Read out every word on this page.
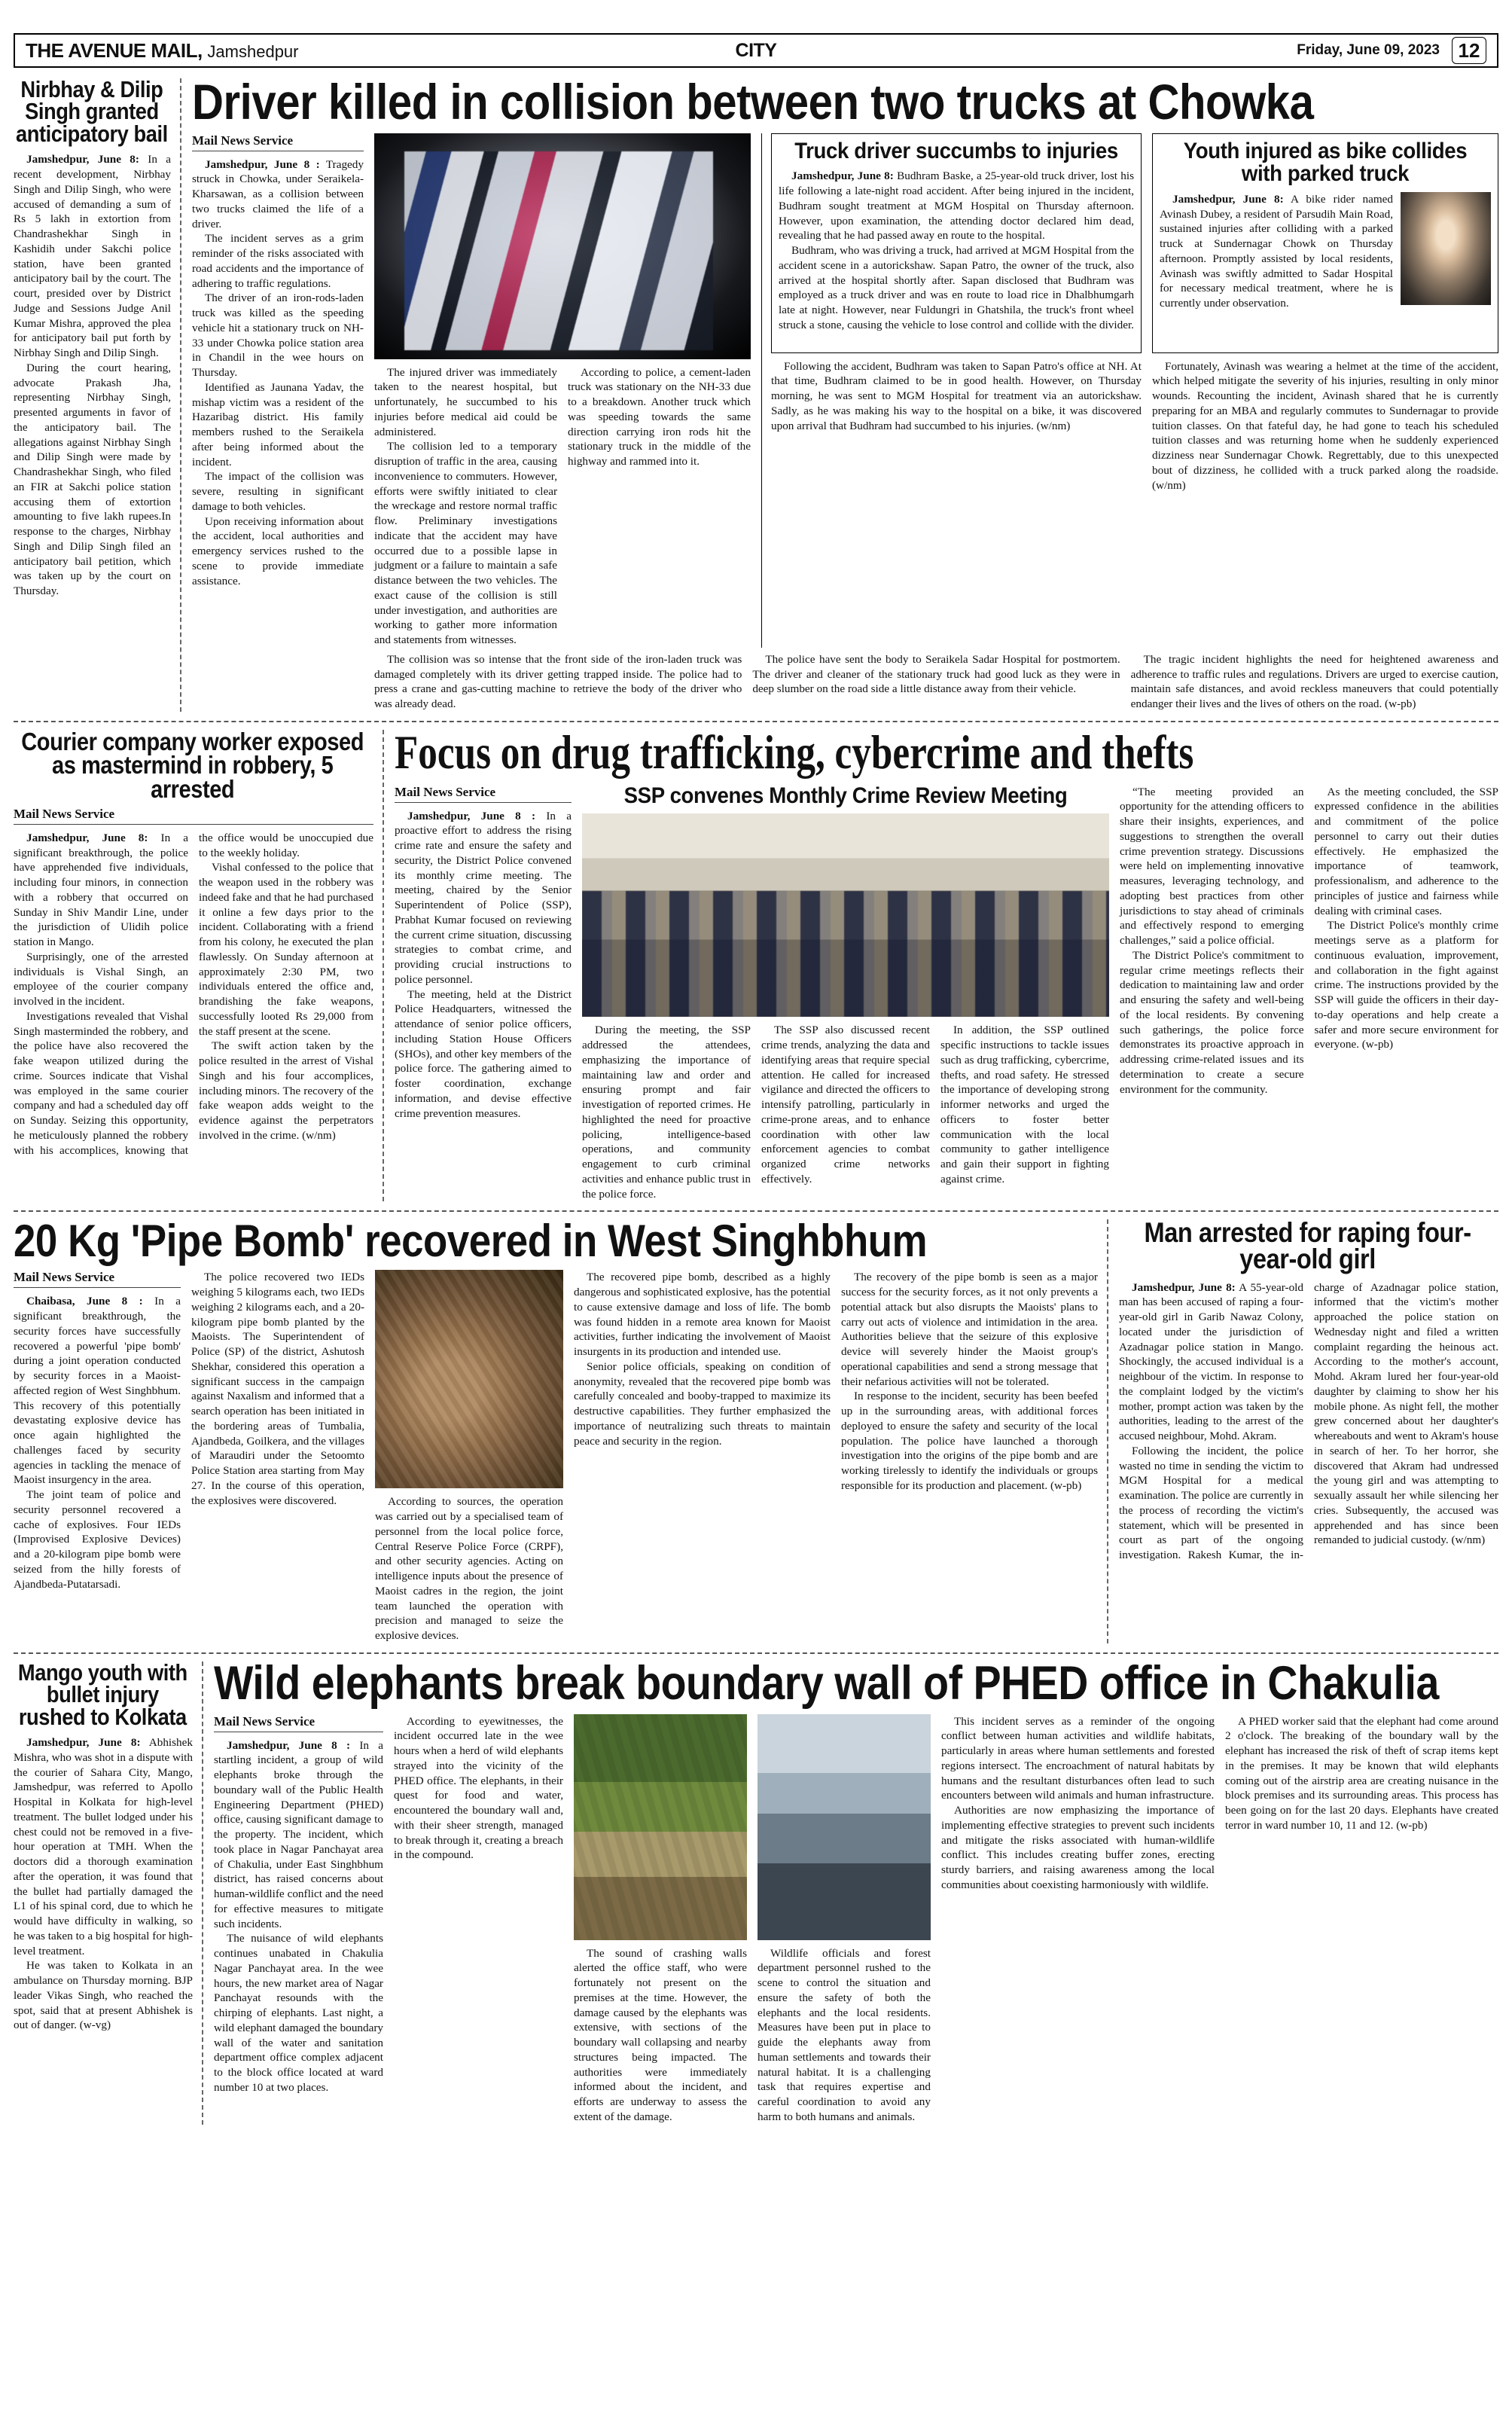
THE AVENUE MAIL, Jamshedpur	CITY	Friday, June 09, 2023 12
Nirbhay & Dilip Singh granted anticipatory bail

Jamshedpur, June 8: In a recent development, Nirbhay Singh and Dilip Singh, who were accused of demanding a sum of Rs 5 lakh in extortion from Chandrashekhar Singh in Kashidih under Sakchi police station, have been granted anticipatory bail by the court. The court, presided over by District Judge and Sessions Judge Anil Kumar Mishra, approved the plea for anticipatory bail put forth by Nirbhay Singh and Dilip Singh.

During the court hearing, advocate Prakash Jha, representing Nirbhay Singh, presented arguments in favor of the anticipatory bail. The allegations against Nirbhay Singh and Dilip Singh were made by Chandrashekhar Singh, who filed an FIR at Sakchi police station accusing them of extortion amounting to five lakh rupees.In response to the charges, Nirbhay Singh and Dilip Singh filed an anticipatory bail petition, which was taken up by the court on Thursday.

Driver killed in collision between two trucks at Chowka
Mail News Service

Jamshedpur, June 8 : Tragedy struck in Chowka, under Seraikela-Kharsawan, as a collision between two trucks claimed the life of a driver.

The incident serves as a grim reminder of the risks associated with road accidents and the importance of adhering to traffic regulations.

The driver of an iron-rods-laden truck was killed as the speeding vehicle hit a stationary truck on NH-33 under Chowka police station area in Chandil in the wee hours on Thursday.

Identified as Jaunana Yadav, the mishap victim was a resident of the Hazaribag district. His family members rushed to the Seraikela after being informed about the incident.

The impact of the collision was severe, resulting in significant damage to both vehicles.

Upon receiving information about the accident, local authorities and emergency services rushed to the scene to provide immediate assistance.

The injured driver was immediately taken to the nearest hospital, but unfortunately, he succumbed to his injuries before medical aid could be administered.

The collision led to a temporary disruption of traffic in the area, causing inconvenience to commuters. However, efforts were swiftly initiated to clear the wreckage and restore normal traffic flow. Preliminary investigations indicate that the accident may have occurred due to a possible lapse in judgment or a failure to maintain a safe distance between the two vehicles. The exact cause of the collision is still under investigation, and authorities are working to gather more information and statements from witnesses.

According to police, a cement-laden truck was stationary on the NH-33 due to a breakdown. Another truck which was speeding towards the same direction carrying iron rods hit the stationary truck in the middle of the highway and rammed into it.

Truck driver succumbs to injuries

Jamshedpur, June 8: Budhram Baske, a 25-year-old truck driver, lost his life following a late-night road accident. After being injured in the incident, Budhram sought treatment at MGM Hospital on Thursday afternoon. However, upon examination, the attending doctor declared him dead, revealing that he had passed away en route to the hospital.

Budhram, who was driving a truck, had arrived at MGM Hospital from the accident scene in a autorickshaw. Sapan Patro, the owner of the truck, also arrived at the hospital shortly after. Sapan disclosed that Budhram was employed as a truck driver and was en route to load rice in Dhalbhumgarh late at night. However, near Fuldungri in Ghatshila, the truck's front wheel struck a stone, causing the vehicle to lose control and collide with the divider.

Following the accident, Budhram was taken to Sapan Patro's office at NH. At that time, Budhram claimed to be in good health. However, on Thursday morning, he was sent to MGM Hospital for treatment via an autorickshaw. Sadly, as he was making his way to the hospital on a bike, it was discovered upon arrival that Budhram had succumbed to his injuries. (w/nm)

Youth injured as bike collides with parked truck

Jamshedpur, June 8: A bike rider named Avinash Dubey, a resident of Parsudih Main Road, sustained injuries after colliding with a parked truck at Sundernagar Chowk on Thursday afternoon. Promptly assisted by local residents, Avinash was swiftly admitted to Sadar Hospital for necessary medical treatment, where he is currently under observation.

Fortunately, Avinash was wearing a helmet at the time of the accident, which helped mitigate the severity of his injuries, resulting in only minor wounds. Recounting the incident, Avinash shared that he is currently preparing for an MBA and regularly commutes to Sundernagar to provide tuition classes. On that fateful day, he had gone to teach his scheduled tuition classes and was returning home when he suddenly experienced dizziness near Sundernagar Chowk. Regrettably, due to this unexpected bout of dizziness, he collided with a truck parked along the roadside. (w/nm)

The collision was so intense that the front side of the iron-laden truck was damaged completely with its driver getting trapped inside. The police had to press a crane and gas-cutting machine to retrieve the body of the driver who was already dead.

The police have sent the body to Seraikela Sadar Hospital for postmortem. The driver and cleaner of the stationary truck had good luck as they were in deep slumber on the road side a little distance away from their vehicle.

The tragic incident highlights the need for heightened awareness and adherence to traffic rules and regulations. Drivers are urged to exercise caution, maintain safe distances, and avoid reckless maneuvers that could potentially endanger their lives and the lives of others on the road. (w-pb)

Courier company worker exposed as mastermind in robbery, 5 arrested
Mail News Service

Jamshedpur, June 8: In a significant breakthrough, the police have apprehended five individuals, including four minors, in connection with a robbery that occurred on Sunday in Shiv Mandir Line, under the jurisdiction of Ulidih police station in Mango.

Surprisingly, one of the arrested individuals is Vishal Singh, an employee of the courier company involved in the incident.

Investigations revealed that Vishal Singh masterminded the robbery, and the police have also recovered the fake weapon utilized during the crime. Sources indicate that Vishal was employed in the same courier company and had a scheduled day off on Sunday. Seizing this opportunity, he meticulously planned the robbery with his accomplices, knowing that the office would be unoccupied due to the weekly holiday.

Vishal confessed to the police that the weapon used in the robbery was indeed fake and that he had purchased it online a few days prior to the incident. Collaborating with a friend from his colony, he executed the plan flawlessly. On Sunday afternoon at approximately 2:30 PM, two individuals entered the office and, brandishing the fake weapons, successfully looted Rs 29,000 from the staff present at the scene.

The swift action taken by the police resulted in the arrest of Vishal Singh and his four accomplices, including minors. The recovery of the fake weapon adds weight to the evidence against the perpetrators involved in the crime. (w/nm)

Focus on drug trafficking, cybercrime and thefts
Mail News Service

Jamshedpur, June 8 : In a proactive effort to address the rising crime rate and ensure the safety and security, the District Police convened its monthly crime meeting. The meeting, chaired by the Senior Superintendent of Police (SSP), Prabhat Kumar focused on reviewing the current crime situation, discussing strategies to combat crime, and providing crucial instructions to police personnel.

The meeting, held at the District Police Headquarters, witnessed the attendance of senior police officers, including Station House Officers (SHOs), and other key members of the police force. The gathering aimed to foster coordination, exchange information, and devise effective crime prevention measures.

SSP convenes Monthly Crime Review Meeting

During the meeting, the SSP addressed the attendees, emphasizing the importance of maintaining law and order and ensuring prompt and fair investigation of reported crimes. He highlighted the need for proactive policing, intelligence-based operations, and community engagement to curb criminal activities and enhance public trust in the police force.

The SSP also discussed recent crime trends, analyzing the data and identifying areas that require special attention. He called for increased vigilance and directed the officers to intensify patrolling, particularly in crime-prone areas, and to enhance coordination with other law enforcement agencies to combat organized crime networks effectively.

In addition, the SSP outlined specific instructions to tackle issues such as drug trafficking, cybercrime, thefts, and road safety. He stressed the importance of developing strong informer networks and urged the officers to foster better communication with the local community to gather intelligence and gain their support in fighting against crime.

“The meeting provided an opportunity for the attending officers to share their insights, experiences, and suggestions to strengthen the overall crime prevention strategy. Discussions were held on implementing innovative measures, leveraging technology, and adopting best practices from other jurisdictions to stay ahead of criminals and effectively respond to emerging challenges,” said a police official.

The District Police's commitment to regular crime meetings reflects their dedication to maintaining law and order and ensuring the safety and well-being of the local residents. By convening such gatherings, the police force demonstrates its proactive approach in addressing crime-related issues and its determination to create a secure environment for the community.

As the meeting concluded, the SSP expressed confidence in the abilities and commitment of the police personnel to carry out their duties effectively. He emphasized the importance of teamwork, professionalism, and adherence to the principles of justice and fairness while dealing with criminal cases.

The District Police's monthly crime meetings serve as a platform for continuous evaluation, improvement, and collaboration in the fight against crime. The instructions provided by the SSP will guide the officers in their day-to-day operations and help create a safer and more secure environment for everyone. (w-pb)

20 Kg 'Pipe Bomb' recovered in West Singhbhum
Mail News Service

Chaibasa, June 8 : In a significant breakthrough, the security forces have successfully recovered a powerful 'pipe bomb' during a joint operation conducted by security forces in a Maoist-affected region of West Singhbhum. This recovery of this potentially devastating explosive device has once again highlighted the challenges faced by security agencies in tackling the menace of Maoist insurgency in the area.

The joint team of police and security personnel recovered a cache of explosives. Four IEDs (Improvised Explosive Devices) and a 20-kilogram pipe bomb were seized from the hilly forests of Ajandbeda-Putatarsadi.

The police recovered two IEDs weighing 5 kilograms each, two IEDs weighing 2 kilograms each, and a 20-kilogram pipe bomb planted by the Maoists. The Superintendent of Police (SP) of the district, Ashutosh Shekhar, considered this operation a significant success in the campaign against Naxalism and informed that a search operation has been initiated in the bordering areas of Tumbalia, Ajandbeda, Goilkera, and the villages of Maraudiri under the Setoomto Police Station area starting from May 27. In the course of this operation, the explosives were discovered.	According to sources, the operation was carried out by a specialised team of personnel from the local police force, Central Reserve Police Force (CRPF), and other security agencies. Acting on intelligence inputs about the presence of Maoist cadres in the region, the joint team launched the operation with precision and managed to seize the explosive devices.

The recovered pipe bomb, described as a highly dangerous and sophisticated explosive, has the potential to cause extensive damage and loss of life. The bomb was found hidden in a remote area known for Maoist activities, further indicating the involvement of Maoist insurgents in its production and intended use.

Senior police officials, speaking on condition of anonymity, revealed that the recovered pipe bomb was carefully concealed and booby-trapped to maximize its destructive capabilities. They further emphasized the importance of neutralizing such threats to maintain peace and security in the region.

The recovery of the pipe bomb is seen as a major success for the security forces, as it not only prevents a potential attack but also disrupts the Maoists' plans to carry out acts of violence and intimidation in the area. Authorities believe that the seizure of this explosive device will severely hinder the Maoist group's operational capabilities and send a strong message that their nefarious activities will not be tolerated.

In response to the incident, security has been beefed up in the surrounding areas, with additional forces deployed to ensure the safety and security of the local population. The police have launched a thorough investigation into the origins of the pipe bomb and are working tirelessly to identify the individuals or groups responsible for its production and placement. (w-pb)

Man arrested for raping four-year-old girl

Jamshedpur, June 8: A 55-year-old man has been accused of raping a four-year-old girl in Garib Nawaz Colony, located under the jurisdiction of Azadnagar police station in Mango. Shockingly, the accused individual is a neighbour of the victim. In response to the complaint lodged by the victim's mother, prompt action was taken by the authorities, leading to the arrest of the accused neighbour, Mohd. Akram.

Following the incident, the police wasted no time in sending the victim to MGM Hospital for a medical examination. The police are currently in the process of recording the victim's statement, which will be presented in court as part of the ongoing investigation. Rakesh Kumar, the in-charge of Azadnagar police station, informed that the victim's mother approached the police station on Wednesday night and filed a written complaint regarding the heinous act. According to the mother's account, Mohd. Akram lured her four-year-old daughter by claiming to show her his mobile phone. As night fell, the mother grew concerned about her daughter's whereabouts and went to Akram's house in search of her. To her horror, she discovered that Akram had undressed the young girl and was attempting to sexually assault her while silencing her cries. Subsequently, the accused was apprehended and has since been remanded to judicial custody. (w/nm)

Mango youth with bullet injury rushed to Kolkata

Jamshedpur, June 8: Abhishek Mishra, who was shot in a dispute with the courier of Sahara City, Mango, Jamshedpur, was referred to Apollo Hospital in Kolkata for high-level treatment. The bullet lodged under his chest could not be removed in a five-hour operation at TMH. When the doctors did a thorough examination after the operation, it was found that the bullet had partially damaged the L1 of his spinal cord, due to which he would have difficulty in walking, so he was taken to a big hospital for high-level treatment.

He was taken to Kolkata in an ambulance on Thursday morning. BJP leader Vikas Singh, who reached the spot, said that at present Abhishek is out of danger. (w-vg)

Wild elephants break boundary wall of PHED office in Chakulia
Mail News Service

Jamshedpur, June 8 : In a startling incident, a group of wild elephants broke through the boundary wall of the Public Health Engineering Department (PHED) office, causing significant damage to the property. The incident, which took place in Nagar Panchayat area of Chakulia, under East Singhbhum district, has raised concerns about human-wildlife conflict and the need for effective measures to mitigate such incidents.

The nuisance of wild elephants continues unabated in Chakulia Nagar Panchayat area. In the wee hours, the new market area of Nagar Panchayat resounds with the chirping of elephants. Last night, a wild elephant damaged the boundary wall of the water and sanitation department office complex adjacent to the block office located at ward number 10 at two places.

According to eyewitnesses, the incident occurred late in the wee hours when a herd of wild elephants strayed into the vicinity of the PHED office. The elephants, in their quest for food and water, encountered the boundary wall and, with their sheer strength, managed to break through it, creating a breach in the compound.

The sound of crashing walls alerted the office staff, who were fortunately not present on the premises at the time. However, the damage caused by the elephants was extensive, with sections of the boundary wall collapsing and nearby structures being impacted. The authorities were immediately informed about the incident, and efforts are underway to assess the extent of the damage.

Wildlife officials and forest department personnel rushed to the scene to control the situation and ensure the safety of both the elephants and the local residents. Measures have been put in place to guide the elephants away from human settlements and towards their natural habitat. It is a challenging task that requires expertise and careful coordination to avoid any harm to both humans and animals.

This incident serves as a reminder of the ongoing conflict between human activities and wildlife habitats, particularly in areas where human settlements and forested regions intersect. The encroachment of natural habitats by humans and the resultant disturbances often lead to such encounters between wild animals and human infrastructure.

Authorities are now emphasizing the importance of implementing effective strategies to prevent such incidents and mitigate the risks associated with human-wildlife conflict. This includes creating buffer zones, erecting sturdy barriers, and raising awareness among the local communities about coexisting harmoniously with wildlife.

A PHED worker said that the elephant had come around 2 o'clock. The breaking of the boundary wall by the elephant has increased the risk of theft of scrap items kept in the premises. It may be known that wild elephants coming out of the airstrip area are creating nuisance in the block premises and its surrounding areas. This process has been going on for the last 20 days. Elephants have created terror in ward number 10, 11 and 12. (w-pb)
